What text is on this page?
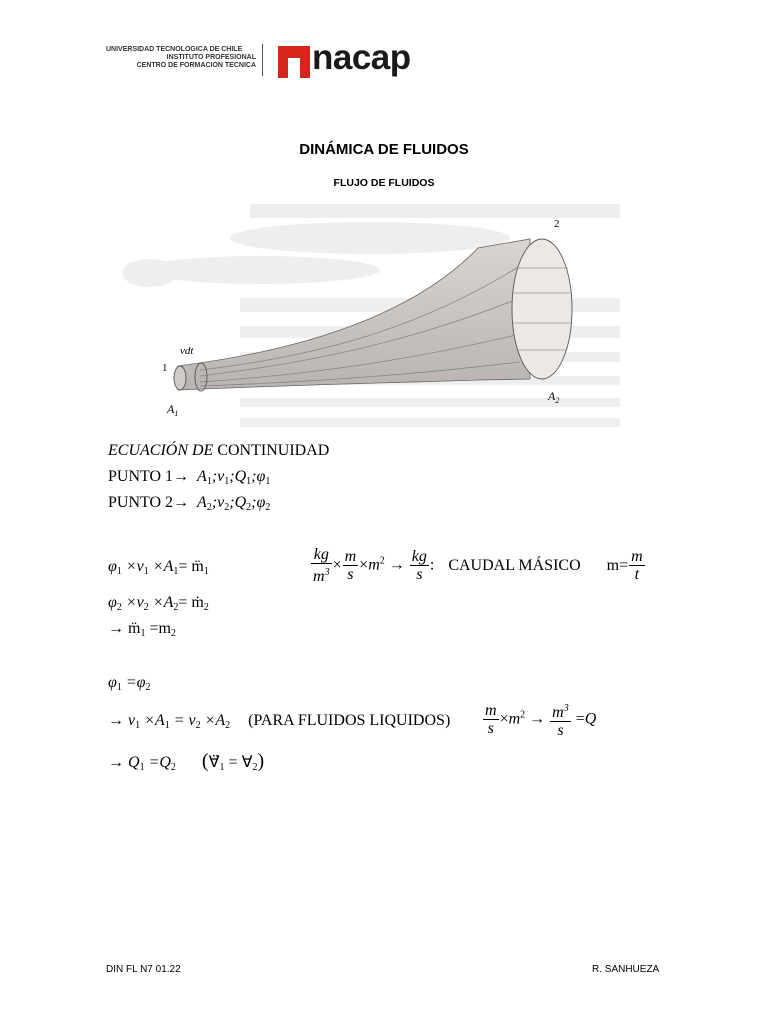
UNIVERSIDAD TECNOLOGICA DE CHILE
INSTITUTO PROFESIONAL
CENTRO DE FORMACION TECNICA nacap
DINÁMICA DE FLUIDOS
FLUJO DE FLUIDOS
1
2
vdt
$A_1$
$A_2$
ECUACIÓN DE CONTINUIDAD
PUNTO $1\to A_1;v_1;Q_1;\varphi_1$
PUNTO $2\to A_2;v_2;Q_2;\varphi_2$
$\varphi_1 \times v_1 \times A_1=$ $m̈_1$	$\frac{kg}{m^3} \times \frac{m}{s} \times m^2 \to \frac{kg}{s}$ : CAUDAL MÁSICO $m= \frac{m}{t}$
$\varphi_2 \times v_2 \times A_2=$ ṁ$_2$
→ $m̈_1 =m_2$
$\varphi_1 =\varphi_2$
→ $v_1 \times A_1 = v_2 \times A_2$ (PARA FLUIDOS LIQUIDOS) $\frac{m}{s} \times m^2 \to \frac{m^3}{s} =Q$
→ $Q_1 =Q_2$ ($\forall̈_1$ = $\forall_2$)
DIN FL N7 01.22	R. SANHUEZA
